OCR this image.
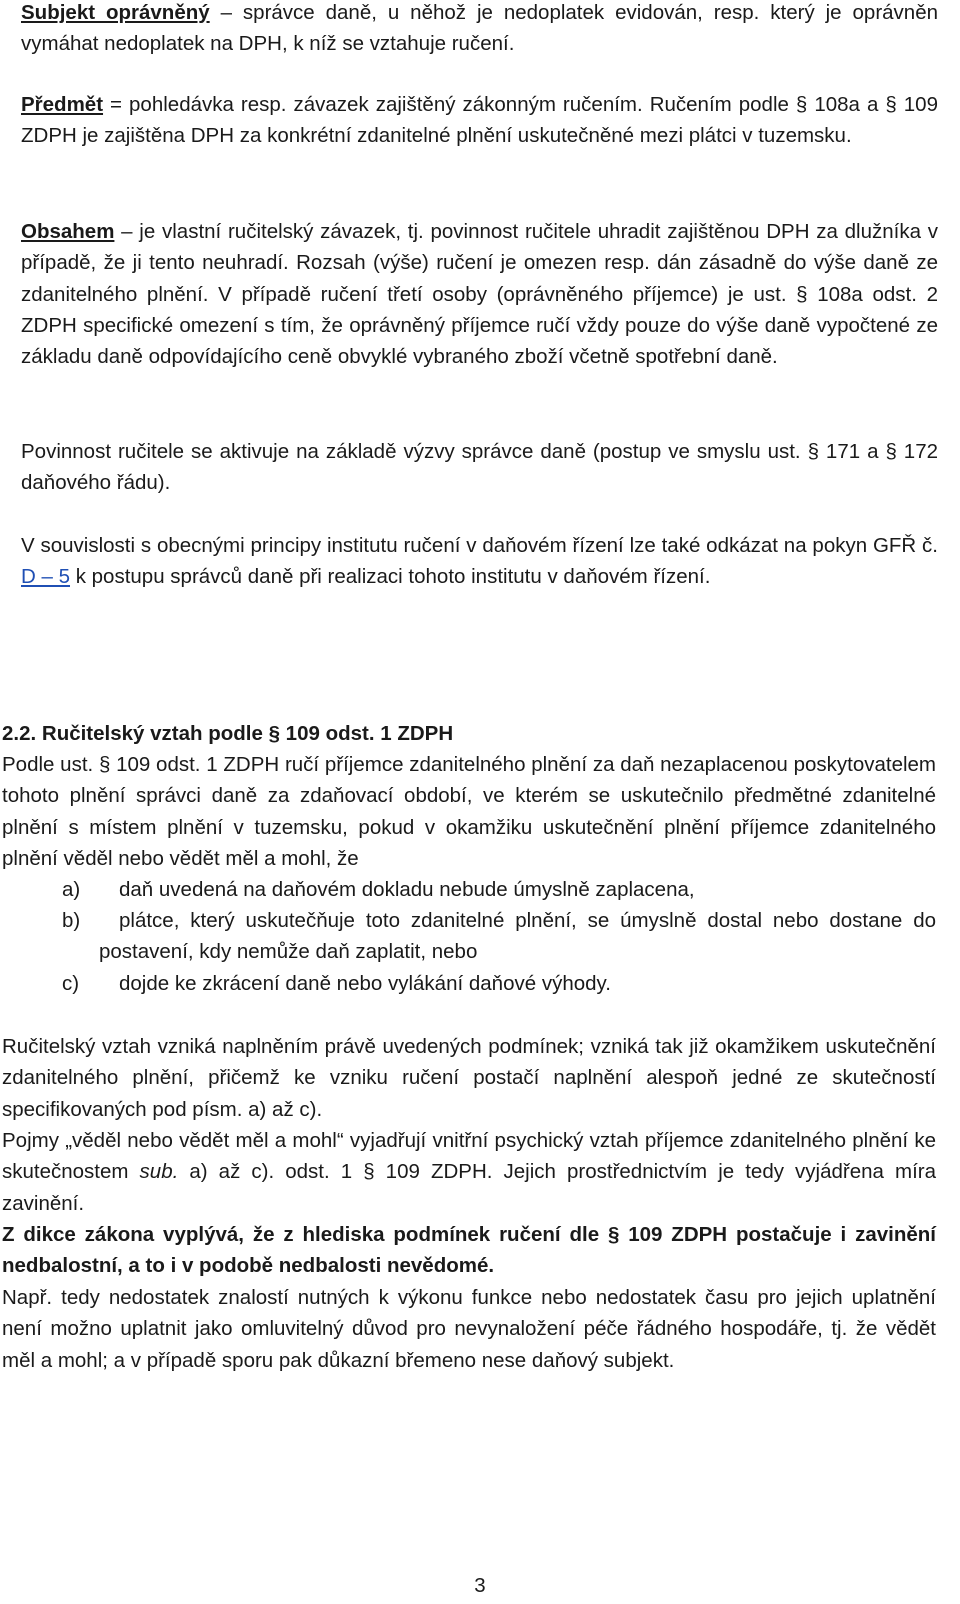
Subjekt oprávněný – správce daně, u něhož je nedoplatek evidován, resp. který je oprávněn vymáhat nedoplatek na DPH, k níž se vztahuje ručení.
Předmět = pohledávka resp. závazek zajištěný zákonným ručením. Ručením podle § 108a a § 109 ZDPH je zajištěna DPH za konkrétní zdanitelné plnění uskutečněné mezi plátci v tuzemsku.
Obsahem – je vlastní ručitelský závazek, tj. povinnost ručitele uhradit zajištěnou DPH za dlužníka v případě, že ji tento neuhradí. Rozsah (výše) ručení je omezen resp. dán zásadně do výše daně ze zdanitelného plnění. V případě ručení třetí osoby (oprávněného příjemce) je ust. § 108a odst. 2 ZDPH specifické omezení s tím, že oprávněný příjemce ručí vždy pouze do výše daně vypočtené ze základu daně odpovídajícího ceně obvyklé vybraného zboží včetně spotřební daně.
Povinnost ručitele se aktivuje na základě výzvy správce daně (postup ve smyslu ust. § 171 a § 172 daňového řádu).
V souvislosti s obecnými principy institutu ručení v daňovém řízení lze také odkázat na pokyn GFŘ č. D – 5 k postupu správců daně při realizaci tohoto institutu v daňovém řízení.
2.2. Ručitelský vztah podle § 109 odst. 1 ZDPH
Podle ust. § 109 odst. 1 ZDPH ručí příjemce zdanitelného plnění za daň nezaplacenou poskytovatelem tohoto plnění správci daně za zdaňovací období, ve kterém se uskutečnilo předmětné zdanitelné plnění s místem plnění v tuzemsku, pokud v okamžiku uskutečnění plnění příjemce zdanitelného plnění věděl nebo vědět měl a mohl, že
a)	daň uvedená na daňovém dokladu nebude úmyslně zaplacena,
b)	plátce, který uskutečňuje toto zdanitelné plnění, se úmyslně dostal nebo dostane do postavení, kdy nemůže daň zaplatit, nebo
c)	dojde ke zkrácení daně nebo vylákání daňové výhody.
Ručitelský vztah vzniká naplněním právě uvedených podmínek; vzniká tak již okamžikem uskutečnění zdanitelného plnění, přičemž ke vzniku ručení postačí naplnění alespoň jedné ze skutečností specifikovaných pod písm. a) až c).
Pojmy „věděl nebo vědět měl a mohl“ vyjadřují vnitřní psychický vztah příjemce zdanitelného plnění ke skutečnostem sub. a) až c). odst. 1 § 109 ZDPH. Jejich prostřednictvím je tedy vyjádřena míra zavinění.
Z dikce zákona vyplývá, že z hlediska podmínek ručení dle § 109 ZDPH postačuje i zavinění nedbalostní, a to i v podobě nedbalosti nevědomé.
Např. tedy nedostatek znalostí nutných k výkonu funkce nebo nedostatek času pro jejich uplatnění není možno uplatnit jako omluvitelný důvod pro nevynaložení péče řádného hospodáře, tj. že vědět měl a mohl; a v případě sporu pak důkazní břemeno nese daňový subjekt.
3
